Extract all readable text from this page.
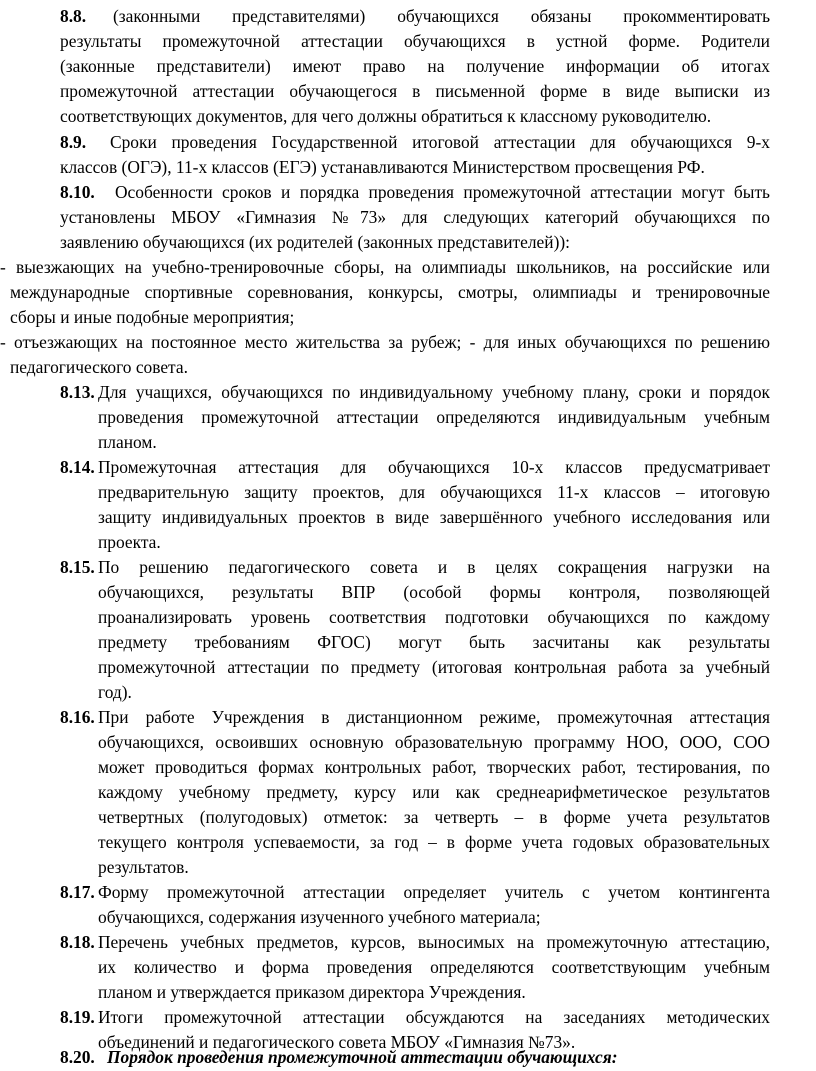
8.8. (законными представителями) обучающихся обязаны прокомментировать
результаты промежуточной аттестации обучающихся в устной форме. Родители
(законные представители) имеют право на получение информации об итогах
промежуточной аттестации обучающегося в письменной форме в виде выписки из
соответствующих документов, для чего должны обратиться к классному руководителю.
8.9. Сроки проведения Государственной итоговой аттестации для обучающихся 9-х
классов (ОГЭ), 11-х классов (ЕГЭ) устанавливаются Министерством просвещения РФ.
8.10. Особенности сроков и порядка проведения промежуточной аттестации могут быть
установлены МБОУ «Гимназия №73» для следующих категорий обучающихся по
заявлению обучающихся (их родителей (законных представителей)):
- выезжающих на учебно-тренировочные сборы, на олимпиады школьников, на российские или
международные спортивные соревнования, конкурсы, смотры, олимпиады и тренировочные
сборы и иные подобные мероприятия;
- отъезжающих на постоянное место жительства за рубеж; - для иных обучающихся по решению
педагогического совета.
8.13. Для учащихся, обучающихся по индивидуальному учебному плану, сроки и порядок
проведения промежуточной аттестации определяются индивидуальным учебным
планом.
8.14. Промежуточная аттестация для обучающихся 10-х классов предусматривает
предварительную защиту проектов, для обучающихся 11-х классов – итоговую
защиту индивидуальных проектов в виде завершённого учебного исследования или
проекта.
8.15. По решению педагогического совета и в целях сокращения нагрузки на
обучающихся, результаты ВПР (особой формы контроля, позволяющей
проанализировать уровень соответствия подготовки обучающихся по каждому
предмету требованиям ФГОС) могут быть засчитаны как результаты
промежуточной аттестации по предмету (итоговая контрольная работа за учебный
год).
8.16. При работе Учреждения в дистанционном режиме, промежуточная аттестация
обучающихся, освоивших основную образовательную программу НОО, ООО, СОО
может проводиться формах контрольных работ, творческих работ, тестирования, по
каждому учебному предмету, курсу или как среднеарифметическое результатов
четвертных (полугодовых) отметок: за четверть – в форме учета результатов
текущего контроля успеваемости, за год – в форме учета годовых образовательных
результатов.
8.17. Форму промежуточной аттестации определяет учитель с учетом контингента
обучающихся, содержания изученного учебного материала;
8.18. Перечень учебных предметов, курсов, выносимых на промежуточную аттестацию,
их количество и форма проведения определяются соответствующим учебным
планом и утверждается приказом директора Учреждения.
8.19. Итоги промежуточной аттестации обсуждаются на заседаниях методических
объединений и педагогического совета МБОУ «Гимназия №73».
8.20. Порядок проведения промежуточной аттестации обучающихся:
